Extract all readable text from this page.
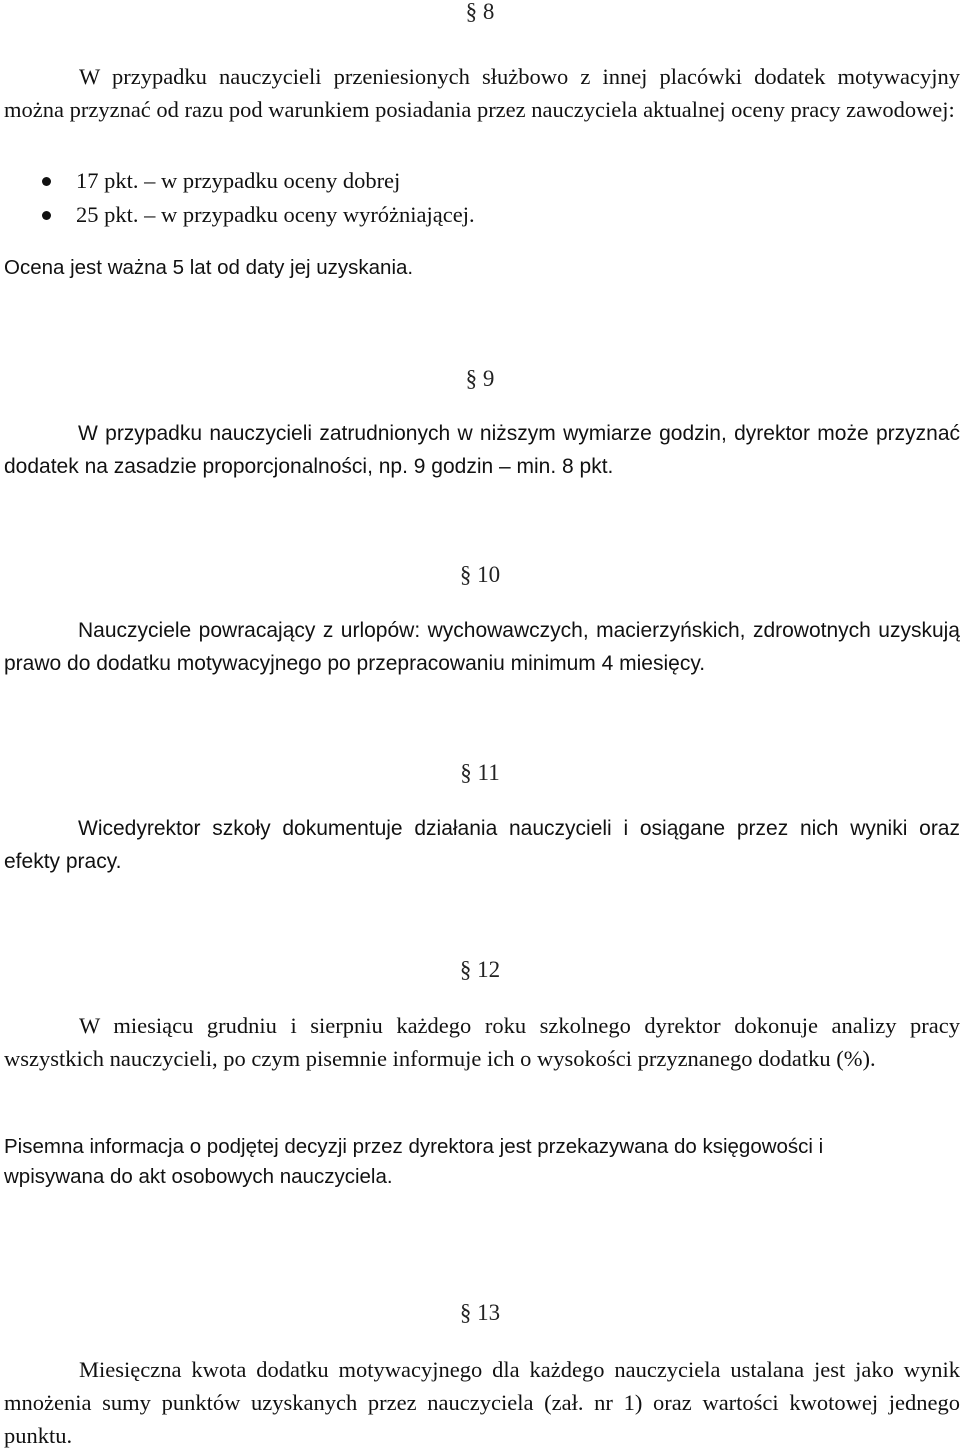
§ 8
W przypadku nauczycieli przeniesionych służbowo z innej placówki dodatek motywacyjny można przyznać od razu pod warunkiem posiadania przez nauczyciela aktualnej oceny pracy zawodowej:
17 pkt. – w przypadku oceny dobrej
25 pkt. – w przypadku oceny wyróżniającej.
Ocena jest ważna 5 lat od daty jej uzyskania.
§ 9
W przypadku nauczycieli zatrudnionych w niższym wymiarze godzin, dyrektor może przyznać dodatek na zasadzie proporcjonalności, np. 9 godzin – min. 8 pkt.
§ 10
Nauczyciele powracający z urlopów: wychowawczych, macierzyńskich, zdrowotnych uzyskują prawo do dodatku motywacyjnego po przepracowaniu minimum 4 miesięcy.
§ 11
Wicedyrektor szkoły dokumentuje działania nauczycieli i osiągane przez nich wyniki oraz efekty pracy.
§ 12
W miesiącu grudniu i sierpniu każdego roku szkolnego dyrektor dokonuje analizy pracy wszystkich nauczycieli, po czym pisemnie informuje ich o wysokości przyznanego dodatku (%).
Pisemna informacja o podjętej decyzji przez dyrektora jest przekazywana do księgowości i wpisywana do akt osobowych nauczyciela.
§ 13
Miesięczna kwota dodatku motywacyjnego dla każdego nauczyciela ustalana jest jako wynik mnożenia sumy punktów uzyskanych przez nauczyciela (zał. nr 1) oraz wartości kwotowej jednego punktu.
